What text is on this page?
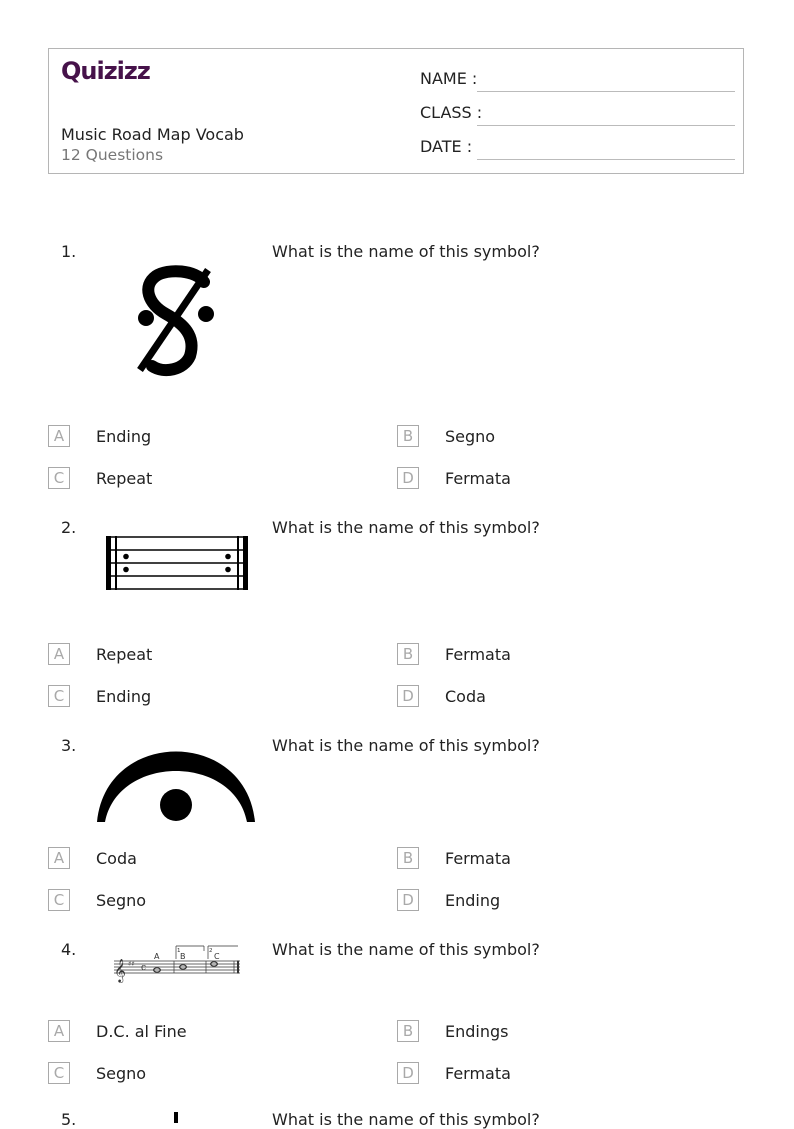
Quizizz
Music Road Map Vocab
12 Questions
NAME :
CLASS :
DATE :
1.	What is the name of this symbol?
A	Ending	B	Segno
C	Repeat	D	Fermata
2.	What is the name of this symbol?
A	Repeat	B	Fermata
C	Ending	D	Coda
3.	What is the name of this symbol?
A	Coda	B	Fermata
C	Segno	D	Ending
4.	What is the name of this symbol?
𝄞 ♯♯ c
A	B	C
1	2
A	D.C. al Fine	B	Endings
C	Segno	D	Fermata
5.	What is the name of this symbol?
